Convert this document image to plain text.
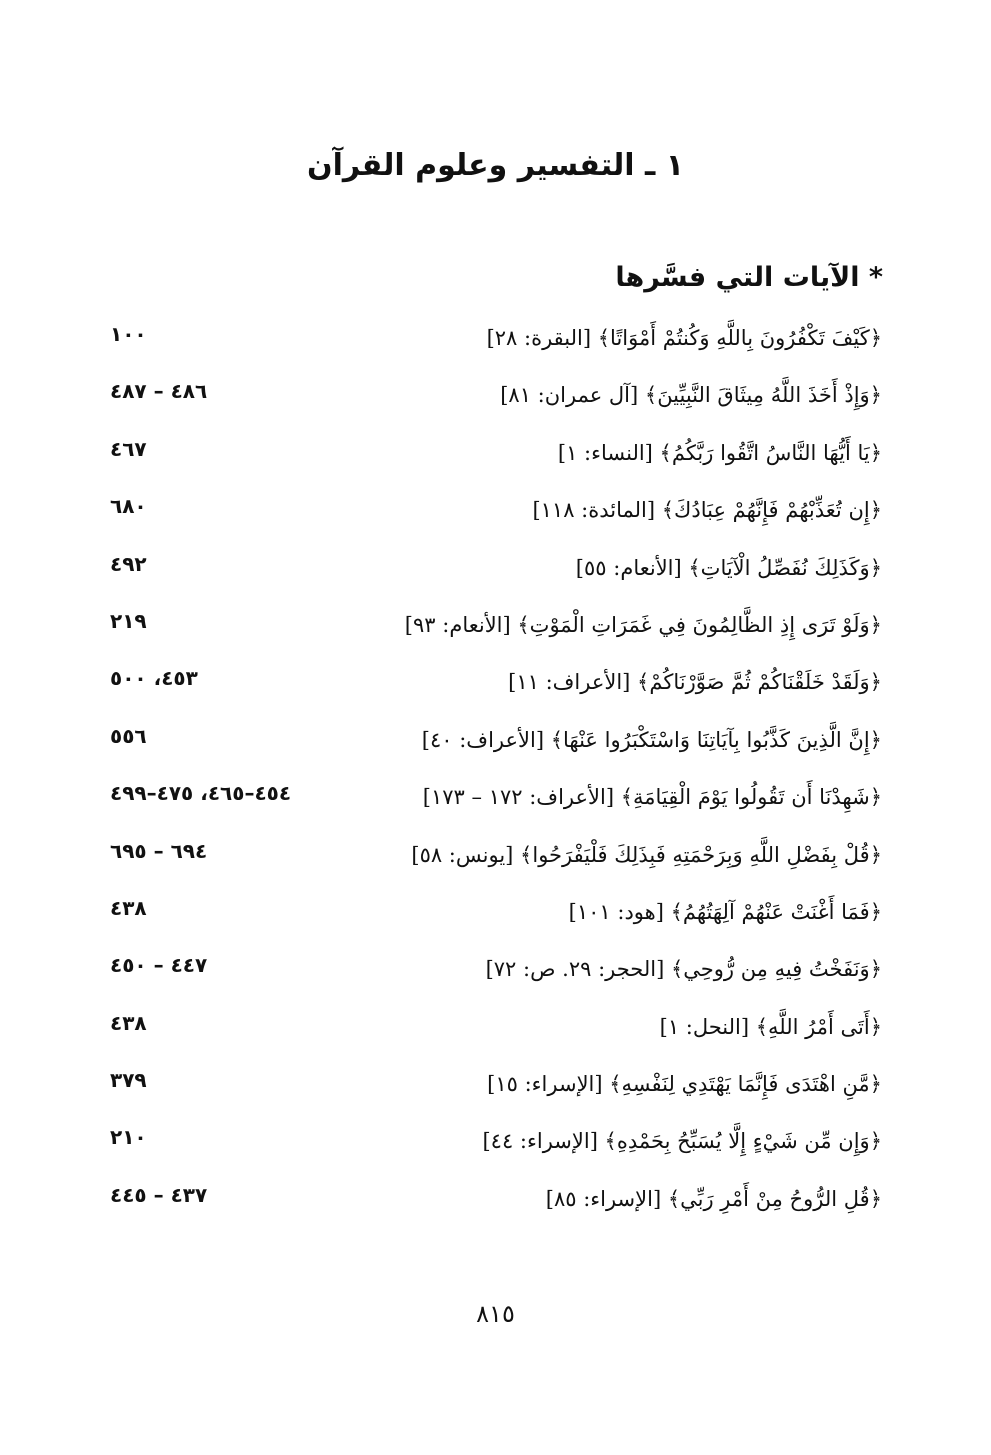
١ ـ التفسير وعلوم القرآن
* الآيات التي فسَّرها
﴿كَيْفَ تَكْفُرُونَ بِاللَّهِ وَكُنتُمْ أَمْوَاتًا﴾ [البقرة: ٢٨]
١٠٠
﴿وَإِذْ أَخَذَ اللَّهُ مِيثَاقَ النَّبِيِّينَ﴾ [آل عمران: ٨١]
٤٨٦ – ٤٨٧
﴿يَا أَيُّهَا النَّاسُ اتَّقُوا رَبَّكُمُ﴾ [النساء: ١]
٤٦٧
﴿إِن تُعَذِّبْهُمْ فَإِنَّهُمْ عِبَادُكَ﴾ [المائدة: ١١٨]
٦٨٠
﴿وَكَذَلِكَ نُفَصِّلُ الْآيَاتِ﴾ [الأنعام: ٥٥]
٤٩٢
﴿وَلَوْ تَرَى إِذِ الظَّالِمُونَ فِي غَمَرَاتِ الْمَوْتِ﴾ [الأنعام: ٩٣]
٢١٩
﴿وَلَقَدْ خَلَقْنَاكُمْ ثُمَّ صَوَّرْنَاكُمْ﴾ [الأعراف: ١١]
٤٥٣، ٥٠٠
﴿إِنَّ الَّذِينَ كَذَّبُوا بِآيَاتِنَا وَاسْتَكْبَرُوا عَنْهَا﴾ [الأعراف: ٤٠]
٥٥٦
﴿شَهِدْنَا أَن تَقُولُوا يَوْمَ الْقِيَامَةِ﴾ [الأعراف: ١٧٢ – ١٧٣]
٤٥٤–٤٦٥، ٤٧٥–٤٩٩
﴿قُلْ بِفَضْلِ اللَّهِ وَبِرَحْمَتِهِ فَبِذَلِكَ فَلْيَفْرَحُوا﴾ [يونس: ٥٨]
٦٩٤ – ٦٩٥
﴿فَمَا أَغْنَتْ عَنْهُمْ آلِهَتُهُمُ﴾ [هود: ١٠١]
٤٣٨
﴿وَنَفَخْتُ فِيهِ مِن رُّوحِي﴾ [الحجر: ٢٩. ص: ٧٢]
٤٤٧ – ٤٥٠
﴿أَتَى أَمْرُ اللَّهِ﴾ [النحل: ١]
٤٣٨
﴿مَّنِ اهْتَدَى فَإِنَّمَا يَهْتَدِي لِنَفْسِهِ﴾ [الإسراء: ١٥]
٣٧٩
﴿وَإِن مِّن شَيْءٍ إِلَّا يُسَبِّحُ بِحَمْدِهِ﴾ [الإسراء: ٤٤]
٢١٠
﴿قُلِ الرُّوحُ مِنْ أَمْرِ رَبِّي﴾ [الإسراء: ٨٥]
٤٣٧ – ٤٤٥
٨١٥
